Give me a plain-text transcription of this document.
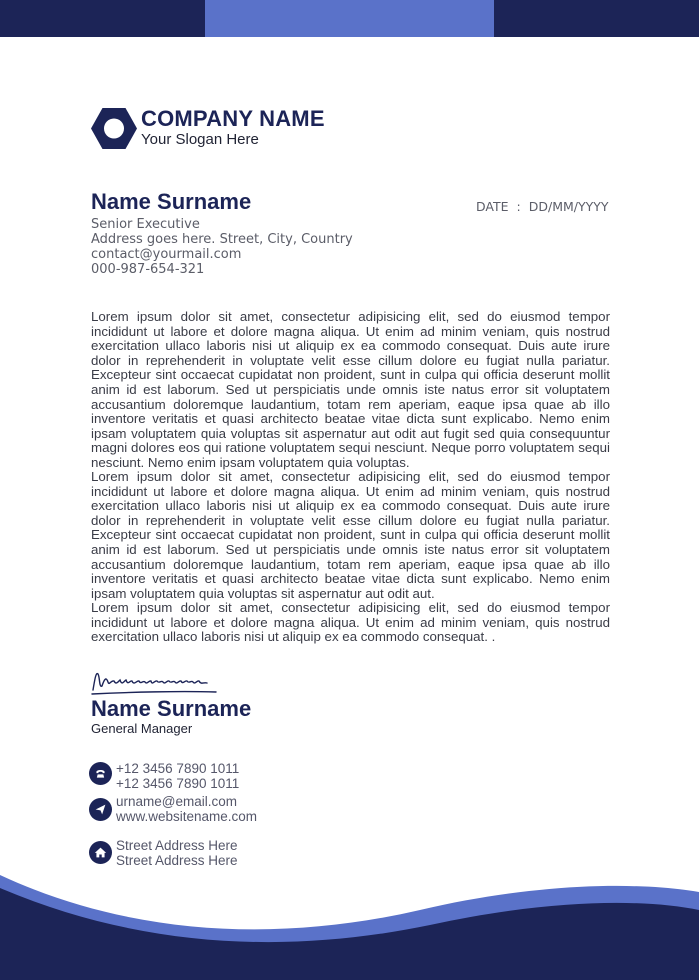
COMPANY NAME
Your Slogan Here
Name Surname
Senior Executive
Address goes here. Street, City, Country
contact@yourmail.com
000-987-654-321
DATE : DD/MM/YYYY
Lorem ipsum dolor sit amet, consectetur adipisicing elit, sed do eiusmod tempor incididunt ut labore et dolore magna aliqua. Ut enim ad minim veniam, quis nostrud exercitation ullaco laboris nisi ut aliquip ex ea commodo consequat. Duis aute irure dolor in reprehenderit in voluptate velit esse cillum dolore eu fugiat nulla pariatur. Excepteur sint occaecat cupidatat non proident, sunt in culpa qui officia deserunt mollit anim id est laborum. Sed ut perspiciatis unde omnis iste natus error sit voluptatem accusantium doloremque laudantium, totam rem aperiam, eaque ipsa quae ab illo inventore veritatis et quasi architecto beatae vitae dicta sunt explicabo. Nemo enim ipsam voluptatem quia voluptas sit aspernatur aut odit aut fugit sed quia consequuntur magni dolores eos qui ratione voluptatem sequi nesciunt. Neque porro voluptatem sequi nesciunt. Nemo enim ipsam voluptatem quia voluptas.
Lorem ipsum dolor sit amet, consectetur adipisicing elit, sed do eiusmod tempor incididunt ut labore et dolore magna aliqua. Ut enim ad minim veniam, quis nostrud exercitation ullaco laboris nisi ut aliquip ex ea commodo consequat. Duis aute irure dolor in reprehenderit in voluptate velit esse cillum dolore eu fugiat nulla pariatur. Excepteur sint occaecat cupidatat non proident, sunt in culpa qui officia deserunt mollit anim id est laborum. Sed ut perspiciatis unde omnis iste natus error sit voluptatem accusantium doloremque laudantium, totam rem aperiam, eaque ipsa quae ab illo inventore veritatis et quasi architecto beatae vitae dicta sunt explicabo. Nemo enim ipsam voluptatem quia voluptas sit aspernatur aut odit aut.
Lorem ipsum dolor sit amet, consectetur adipisicing elit, sed do eiusmod tempor incididunt ut labore et dolore magna aliqua. Ut enim ad minim veniam, quis nostrud exercitation ullaco laboris nisi ut aliquip ex ea commodo consequat. .
Name Surname
General Manager
+12 3456 7890 1011
+12 3456 7890 1011
urname@email.com
www.websitename.com
Street Address Here
Street Address Here
